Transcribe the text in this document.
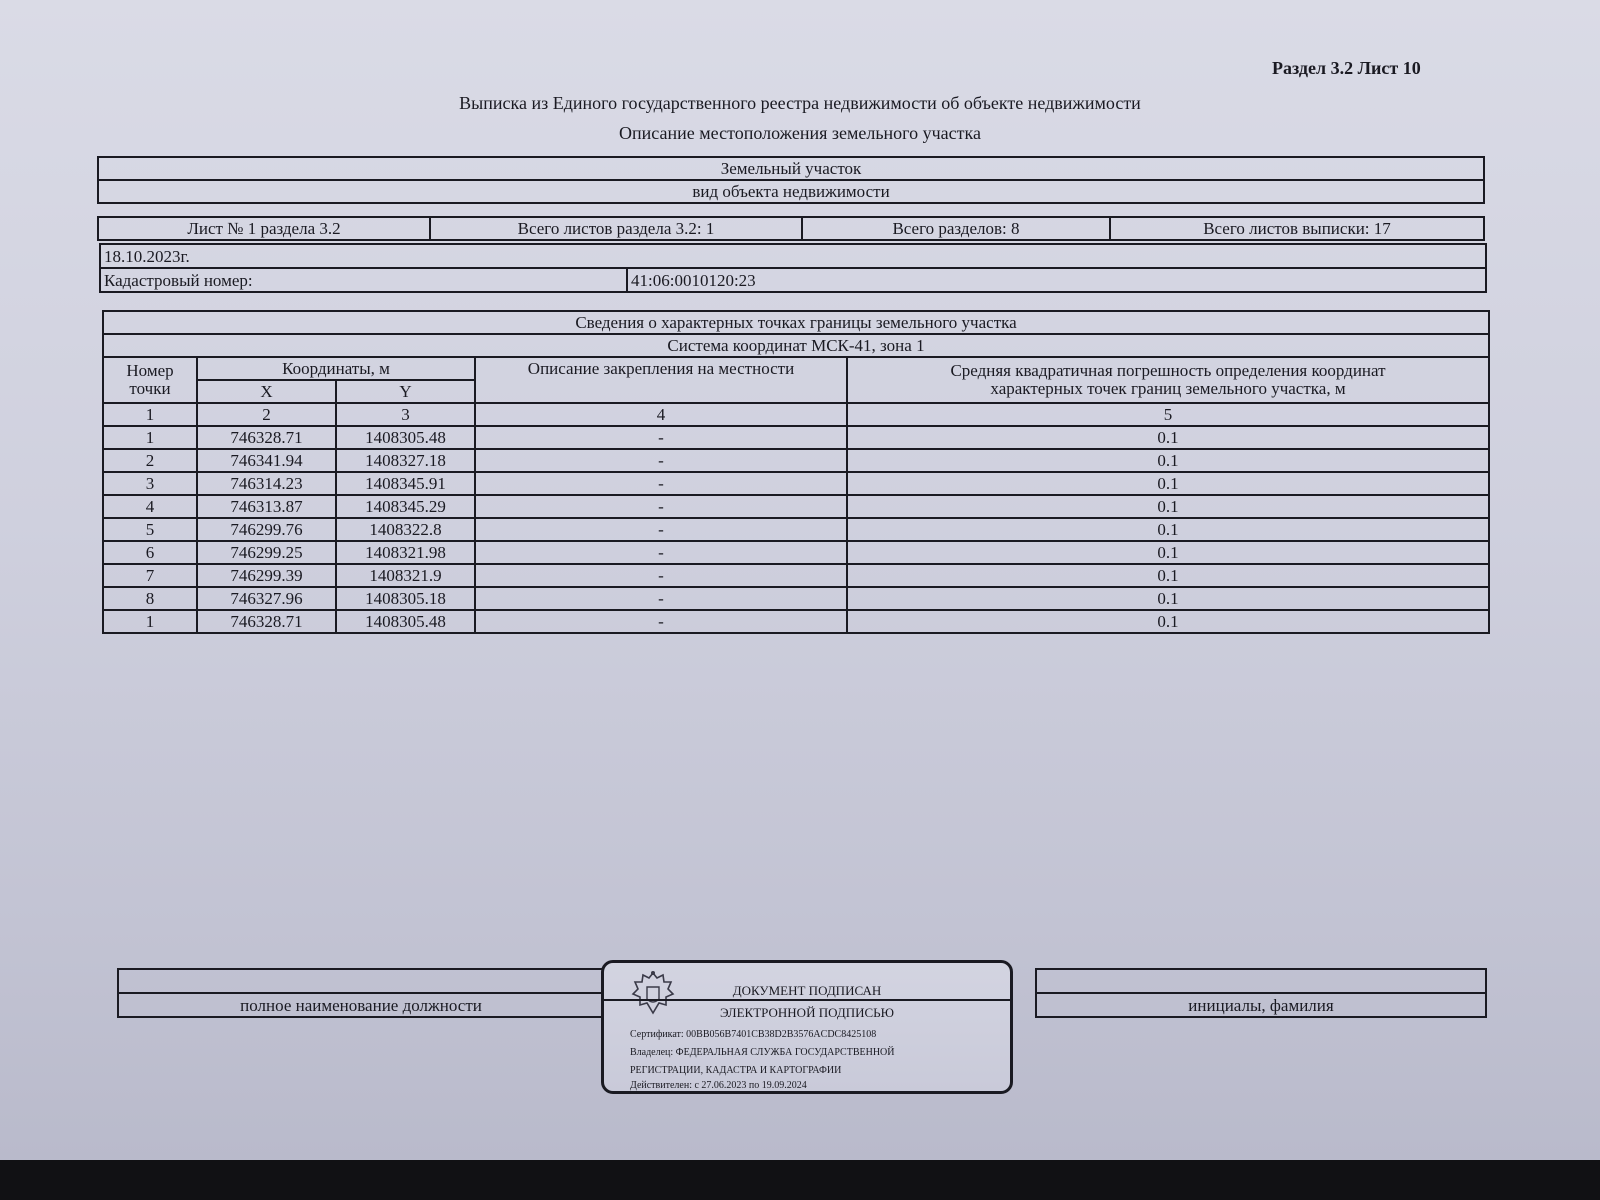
Раздел 3.2 Лист 10
Выписка из Единого государственного реестра недвижимости об объекте недвижимости
Описание местоположения земельного участка
Земельный участок
вид объекта недвижимости
Лист № 1 раздела 3.2	Всего листов раздела 3.2: 1	Всего разделов: 8	Всего листов выписки: 17
18.10.2023г.
Кадастровый номер:	41:06:0010120:23
Сведения о характерных точках границы земельного участка				
Система координат МСК-41, зона 1				
Номер точки	Координаты, м		Описание закрепления на местности	Средняя квадратичная погрешность определения координат характерных точек границ земельного участка, м
	X	Y		
1	2	3	4	5
1	746328.71	1408305.48	-	0.1
2	746341.94	1408327.18	-	0.1
3	746314.23	1408345.91	-	0.1
4	746313.87	1408345.29	-	0.1
5	746299.76	1408322.8	-	0.1
6	746299.25	1408321.98	-	0.1
7	746299.39	1408321.9	-	0.1
8	746327.96	1408305.18	-	0.1
1	746328.71	1408305.48	-	0.1

полное наименование должности		инициалы, фамилия
ДОКУМЕНТ ПОДПИСАН
ЭЛЕКТРОННОЙ ПОДПИСЬЮ
Сертификат: 00BB056B7401CB38D2B3576ACDC8425108
Владелец: ФЕДЕРАЛЬНАЯ СЛУЖБА ГОСУДАРСТВЕННОЙ
РЕГИСТРАЦИИ, КАДАСТРА И КАРТОГРАФИИ
Действителен: с 27.06.2023 по 19.09.2024
